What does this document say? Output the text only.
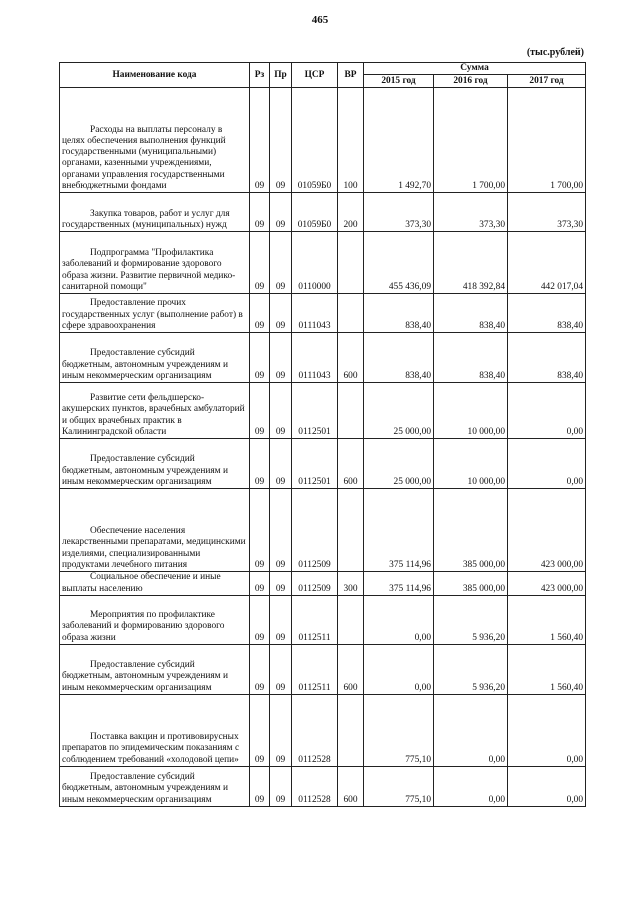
465
(тыс.рублей)
Наименование кода	Рз	Пр	ЦСР	ВР	Сумма		
					2015 год	2016 год	2017 год
Расходы на выплаты персоналу в целях обеспечения выполнения функций государственными (муниципальными) органами, казенными учреждениями, органами управления государственными внебюджетными фондами	09	09	01059Б0	100	1 492,70	1 700,00	1 700,00
Закупка товаров, работ и услуг для государственных (муниципальных) нужд	09	09	01059Б0	200	373,30	373,30	373,30
Подпрограмма "Профилактика заболеваний и формирование здорового образа жизни. Развитие первичной медико-санитарной помощи"	09	09	0110000		455 436,09	418 392,84	442 017,04
Предоставление прочих государственных услуг (выполнение работ) в сфере здравоохранения	09	09	0111043		838,40	838,40	838,40
Предоставление субсидий бюджетным, автономным учреждениям и иным некоммерческим организациям	09	09	0111043	600	838,40	838,40	838,40
Развитие сети фельдшерско-акушерских пунктов, врачебных амбулаторий и общих врачебных практик в Калининградской области	09	09	0112501		25 000,00	10 000,00	0,00
Предоставление субсидий бюджетным, автономным учреждениям и иным некоммерческим организациям	09	09	0112501	600	25 000,00	10 000,00	0,00
Обеспечение населения лекарственными препаратами, медицинскими изделиями, специализированными продуктами лечебного питания	09	09	0112509		375 114,96	385 000,00	423 000,00
Социальное обеспечение и иные выплаты населению	09	09	0112509	300	375 114,96	385 000,00	423 000,00
Мероприятия по профилактике заболеваний и формированию здорового образа жизни	09	09	0112511		0,00	5 936,20	1 560,40
Предоставление субсидий бюджетным, автономным учреждениям и иным некоммерческим организациям	09	09	0112511	600	0,00	5 936,20	1 560,40
Поставка вакцин и противовирусных препаратов по эпидемическим показаниям с соблюдением требований «холодовой цепи»	09	09	0112528		775,10	0,00	0,00
Предоставление субсидий бюджетным, автономным учреждениям и иным некоммерческим организациям	09	09	0112528	600	775,10	0,00	0,00
